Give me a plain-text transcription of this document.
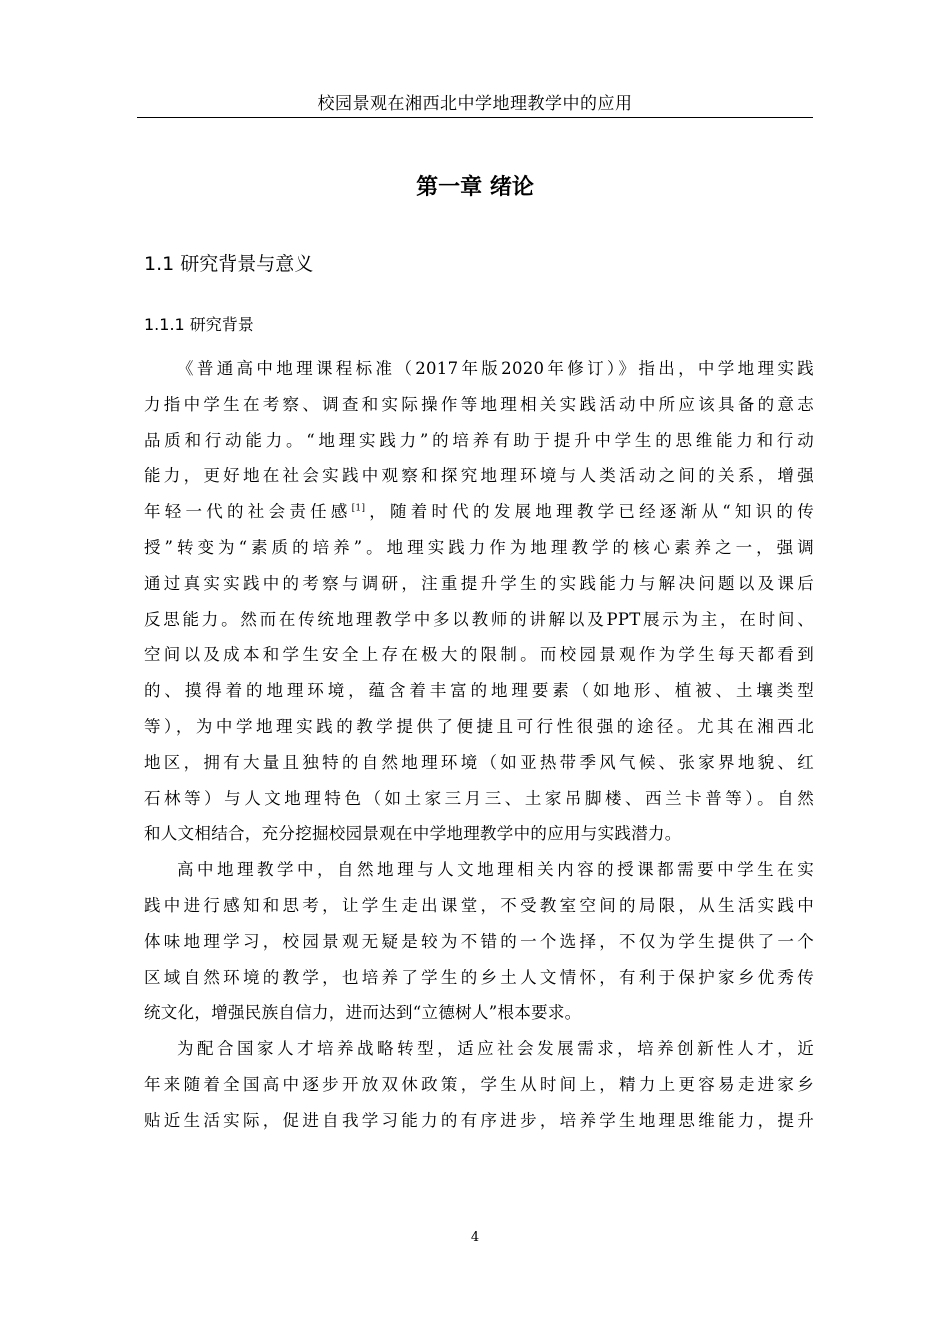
校园景观在湘西北中学地理教学中的应用
第一章 绪论
1.1 研究背景与意义
1.1.1 研究背景
《普通高中地理课程标准（2017年版2020年修订）》指出，中学地理实践
力指中学生在考察、调查和实际操作等地理相关实践活动中所应该具备的意志
品质和行动能力。“地理实践力”的培养有助于提升中学生的思维能力和行动
能力，更好地在社会实践中观察和探究地理环境与人类活动之间的关系，增强
年轻一代的社会责任感[1]，随着时代的发展地理教学已经逐渐从“知识的传
授”转变为“素质的培养”。地理实践力作为地理教学的核心素养之一，强调
通过真实实践中的考察与调研，注重提升学生的实践能力与解决问题以及课后
反思能力。然而在传统地理教学中多以教师的讲解以及PPT展示为主，在时间、
空间以及成本和学生安全上存在极大的限制。而校园景观作为学生每天都看到
的、摸得着的地理环境，蕴含着丰富的地理要素（如地形、植被、土壤类型
等），为中学地理实践的教学提供了便捷且可行性很强的途径。尤其在湘西北
地区，拥有大量且独特的自然地理环境（如亚热带季风气候、张家界地貌、红
石林等）与人文地理特色（如土家三月三、土家吊脚楼、西兰卡普等）。自然
和人文相结合，充分挖掘校园景观在中学地理教学中的应用与实践潜力。
高中地理教学中，自然地理与人文地理相关内容的授课都需要中学生在实
践中进行感知和思考，让学生走出课堂，不受教室空间的局限，从生活实践中
体味地理学习，校园景观无疑是较为不错的一个选择，不仅为学生提供了一个
区域自然环境的教学，也培养了学生的乡土人文情怀，有利于保护家乡优秀传
统文化，增强民族自信力，进而达到“立德树人”根本要求。
为配合国家人才培养战略转型，适应社会发展需求，培养创新性人才，近
年来随着全国高中逐步开放双休政策，学生从时间上，精力上更容易走进家乡
贴近生活实际，促进自我学习能力的有序进步，培养学生地理思维能力，提升
4
